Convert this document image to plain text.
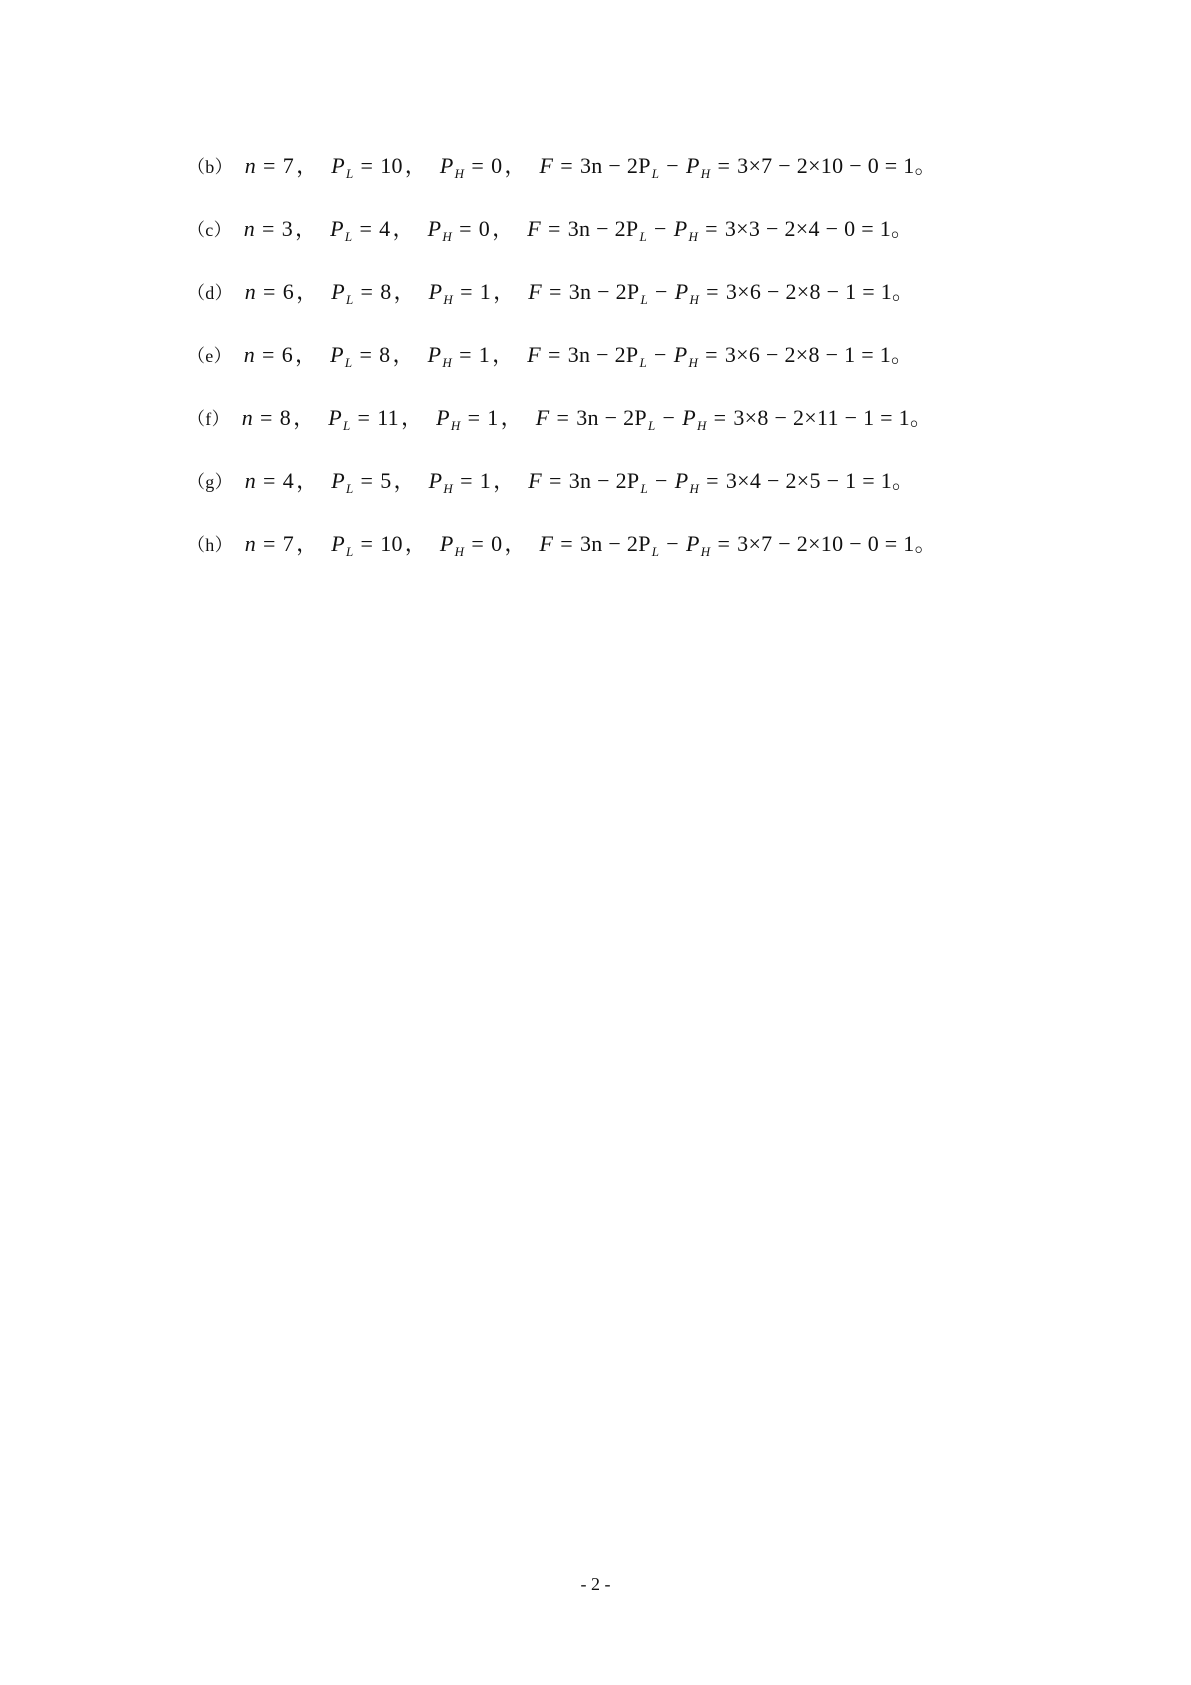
（b） n = 7， $P_L = 10$， $P_H = 0$， $F = 3n - 2P_L - P_H = 3\times 7 - 2\times 10 - 0 = 1$。
（c） n = 3， $P_L = 4$， $P_H = 0$， $F = 3n - 2P_L - P_H = 3\times 3 - 2\times 4 - 0 = 1$。
（d） n = 6， $P_L = 8$， $P_H = 1$， $F = 3n - 2P_L - P_H = 3\times 6 - 2\times 8 - 1 = 1$。
（e） n = 6， $P_L = 8$， $P_H = 1$， $F = 3n - 2P_L - P_H = 3\times 6 - 2\times 8 - 1 = 1$。
（f） n = 8， $P_L = 11$， $P_H = 1$， $F = 3n - 2P_L - P_H = 3\times 8 - 2\times 11 - 1 = 1$。
（g） n = 4， $P_L = 5$， $P_H = 1$， $F = 3n - 2P_L - P_H = 3\times 4 - 2\times 5 - 1 = 1$。
（h） n = 7， $P_L = 10$， $P_H = 0$， $F = 3n - 2P_L - P_H = 3\times 7 - 2\times 10 - 0 = 1$。
- 2 -
